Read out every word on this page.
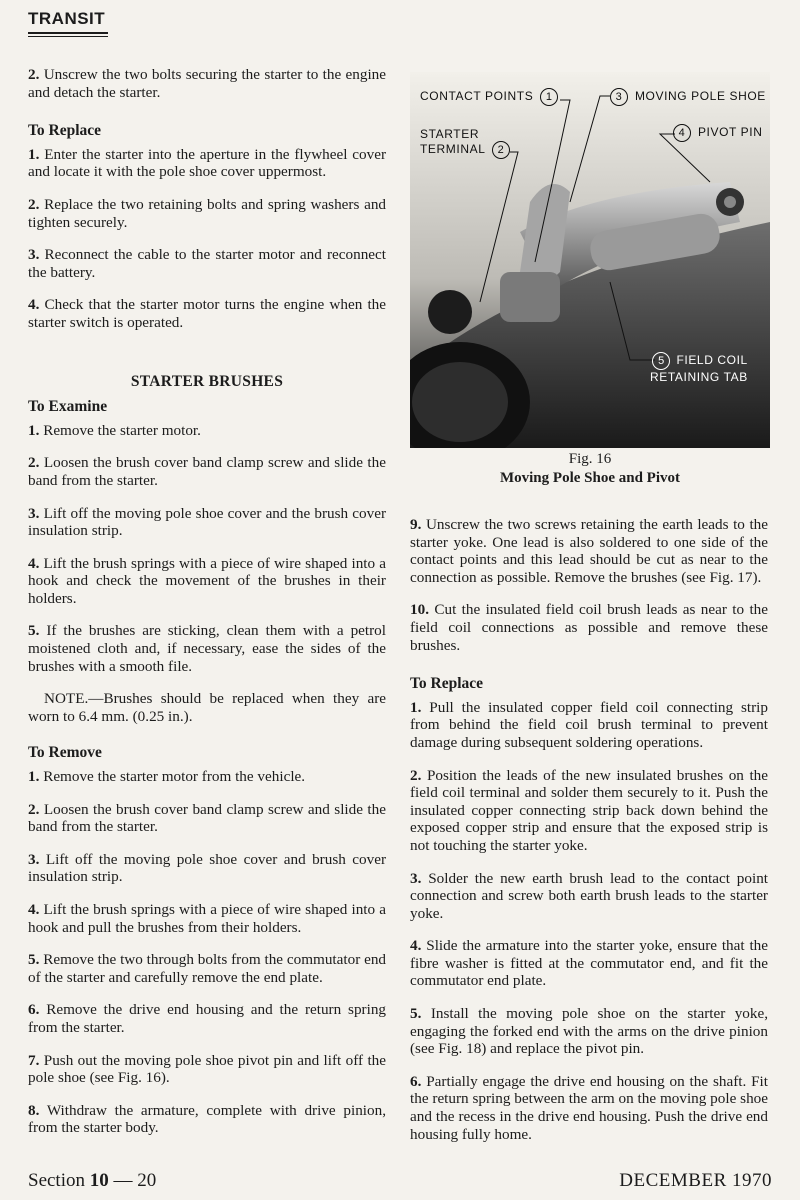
TRANSIT

2. Unscrew the two bolts securing the starter to the engine and detach the starter.

To Replace

1. Enter the starter into the aperture in the flywheel cover and locate it with the pole shoe cover uppermost.

2. Replace the two retaining bolts and spring washers and tighten securely.

3. Reconnect the cable to the starter motor and reconnect the battery.

4. Check that the starter motor turns the engine when the starter switch is operated.

STARTER BRUSHES
To Examine

1. Remove the starter motor.

2. Loosen the brush cover band clamp screw and slide the band from the starter.

3. Lift off the moving pole shoe cover and the brush cover insulation strip.

4. Lift the brush springs with a piece of wire shaped into a hook and check the movement of the brushes in their holders.

5. If the brushes are sticking, clean them with a petrol moistened cloth and, if necessary, ease the sides of the brushes with a smooth file.

NOTE.—Brushes should be replaced when they are worn to 6.4 mm. (0.25 in.).

To Remove

1. Remove the starter motor from the vehicle.

2. Loosen the brush cover band clamp screw and slide the band from the starter.

3. Lift off the moving pole shoe cover and brush cover insulation strip.

4. Lift the brush springs with a piece of wire shaped into a hook and pull the brushes from their holders.

5. Remove the two through bolts from the commutator end of the starter and carefully remove the end plate.

6. Remove the drive end housing and the return spring from the starter.

7. Push out the moving pole shoe pivot pin and lift off the pole shoe (see Fig. 16).

8. Withdraw the armature, complete with drive pinion, from the starter body.

CONTACT POINTS 1
STARTER
TERMINAL 2
3 MOVING POLE SHOE
4 PIVOT PIN
5 FIELD COIL
RETAINING TAB
Fig. 16
Moving Pole Shoe and Pivot

9. Unscrew the two screws retaining the earth leads to the starter yoke. One lead is also soldered to one side of the contact points and this lead should be cut as near to the connection as possible. Remove the brushes (see Fig. 17).

10. Cut the insulated field coil brush leads as near to the field coil connections as possible and remove these brushes.

To Replace

1. Pull the insulated copper field coil connecting strip from behind the field coil brush terminal to prevent damage during subsequent soldering operations.

2. Position the leads of the new insulated brushes on the field coil terminal and solder them securely to it. Push the insulated copper connecting strip back down behind the exposed copper strip and ensure that the exposed strip is not touching the starter yoke.

3. Solder the new earth brush lead to the contact point connection and screw both earth brush leads to the starter yoke.

4. Slide the armature into the starter yoke, ensure that the fibre washer is fitted at the commutator end, and fit the commutator end plate.

5. Install the moving pole shoe on the starter yoke, engaging the forked end with the arms on the drive pinion (see Fig. 18) and replace the pivot pin.

6. Partially engage the drive end housing on the shaft. Fit the return spring between the arm on the moving pole shoe and the recess in the drive end housing. Push the drive end housing fully home.

Section 10 — 20	DECEMBER 1970
